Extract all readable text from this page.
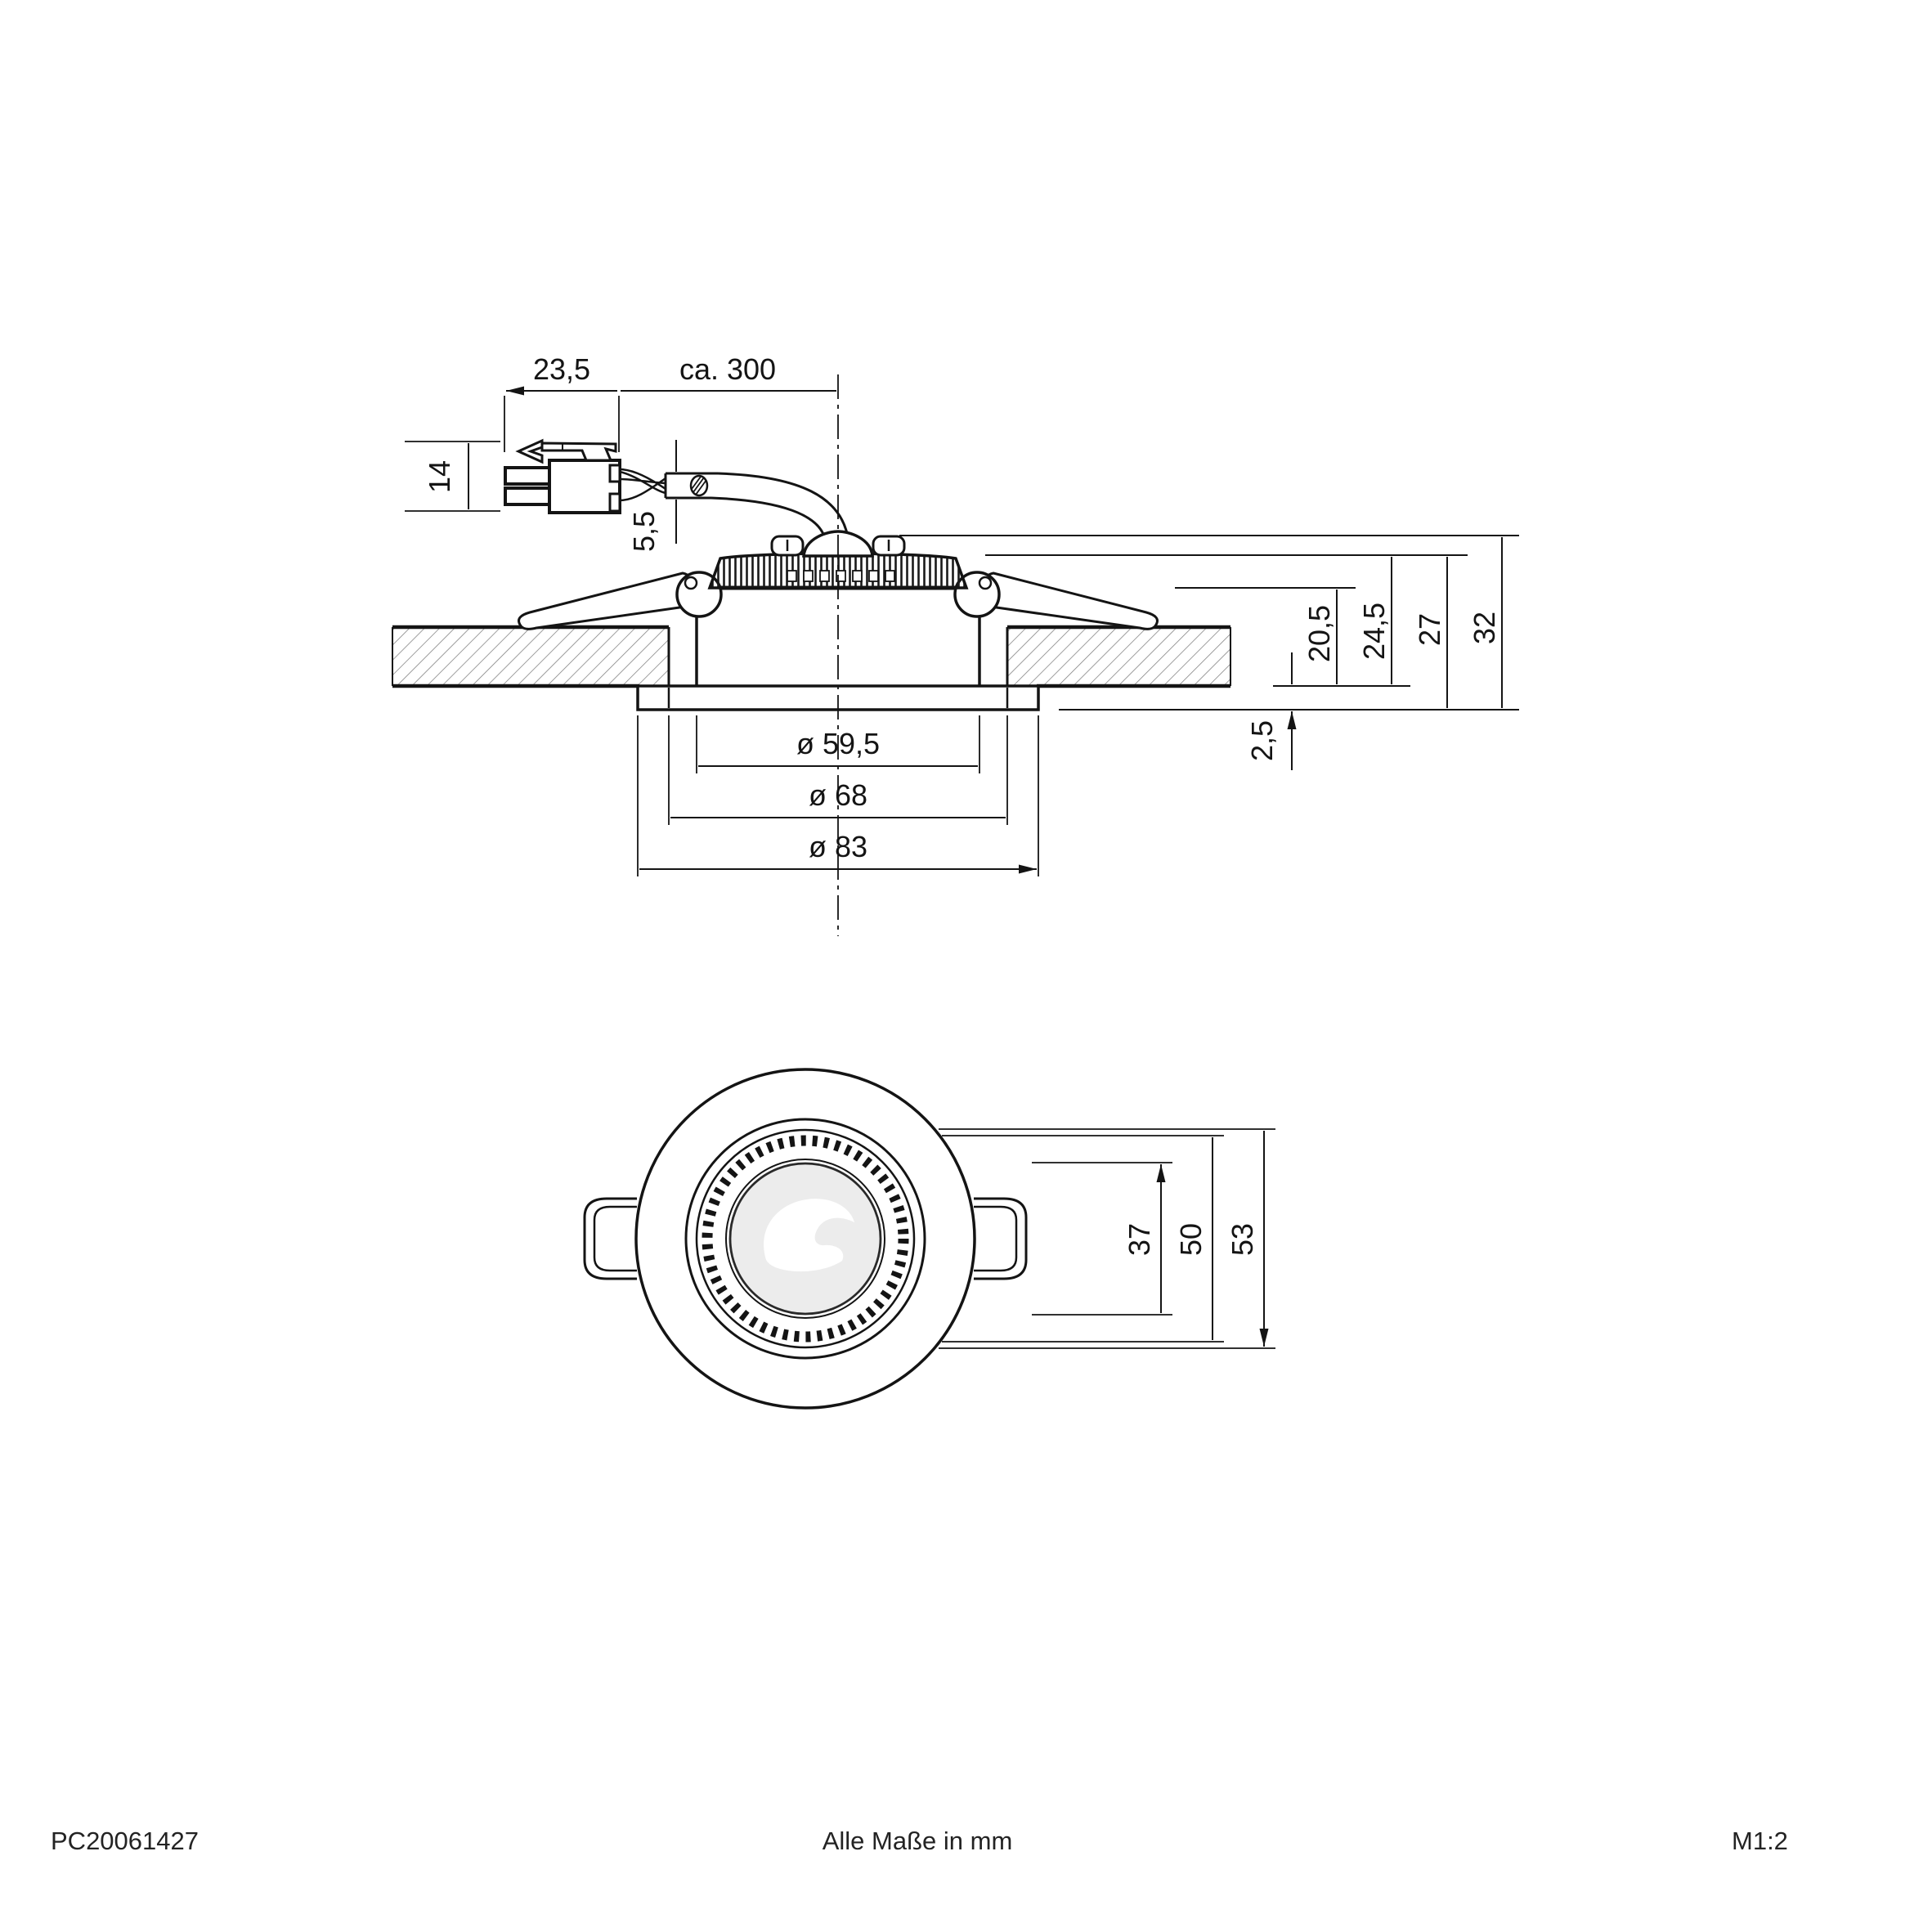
23,5	ca. 300
14
5,5
20,5 24,5 27 32
2,5
ø 59,5
ø 68
ø 83
37 50 53
PC20061427	Alle Maße in mm	M1:2
